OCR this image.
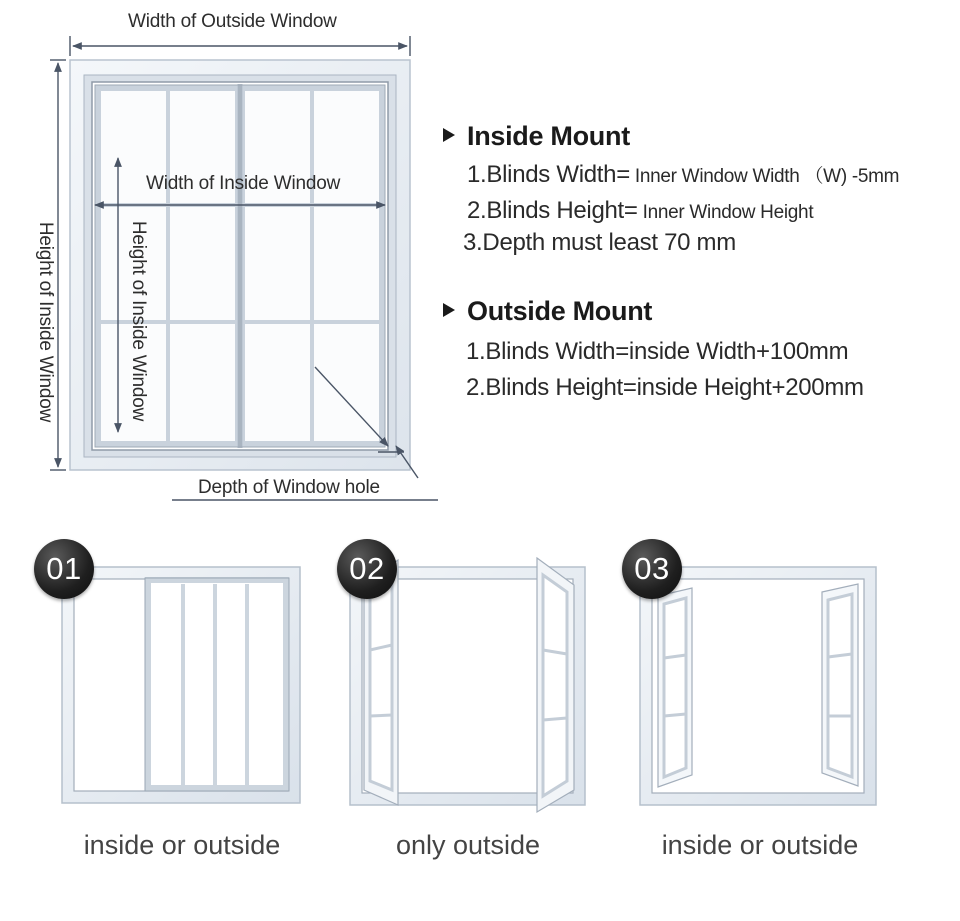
Width of Outside Window
Width of Inside Window
Height of Inside Window	Height of Inside Window
Depth of Window hole
Inside Mount
1.Blinds Width= Inner Window Width （W) -5mm
2.Blinds Height= Inner Window Height
3.Depth must least 70 mm
Outside Mount
1.Blinds Width=inside Width+100mm
2.Blinds Height=inside Height+200mm
01	02	03
inside or outside	only outside	inside or outside
